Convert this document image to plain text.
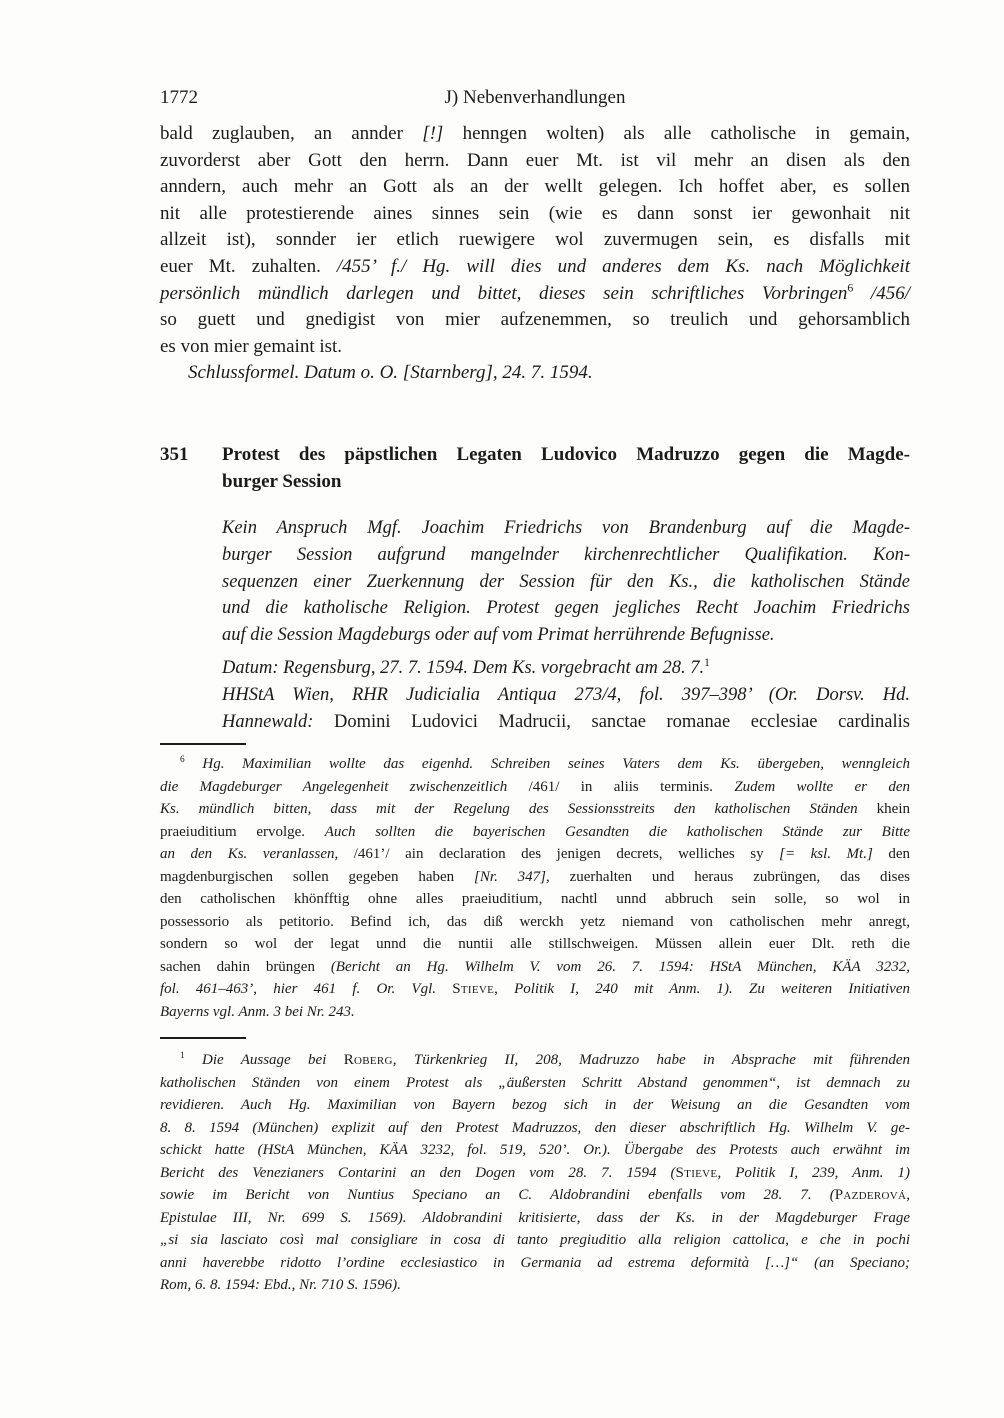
1772	J) Nebenverhandlungen
bald zuglauben, an annder [!] henngen wolten) als alle catholische in gemain,
zuvorderst aber Gott den herrn. Dann euer Mt. ist vil mehr an disen als den
anndern, auch mehr an Gott als an der wellt gelegen. Ich hoffet aber, es sollen
nit alle protestierende aines sinnes sein (wie es dann sonst ier gewonhait nit
allzeit ist), sonnder ier etlich ruewigere wol zuvermugen sein, es disfalls mit
euer Mt. zuhalten. /455’ f./ Hg. will dies und anderes dem Ks. nach Möglichkeit
persönlich mündlich darlegen und bittet, dieses sein schriftliches Vorbringen$^6$ /456/
so guett und gnedigist von mier aufzenemmen, so treulich und gehorsamblich
es von mier gemaint ist.
Schlussformel. Datum o. O. [Starnberg], 24. 7. 1594.
351	Protest des päpstlichen Legaten Ludovico Madruzzo gegen die Magde-
burger Session
Kein Anspruch Mgf. Joachim Friedrichs von Brandenburg auf die Magde-
burger Session aufgrund mangelnder kirchenrechtlicher Qualifikation. Kon-
sequenzen einer Zuerkennung der Session für den Ks., die katholischen Stände
und die katholische Religion. Protest gegen jegliches Recht Joachim Friedrichs
auf die Session Magdeburgs oder auf vom Primat herrührende Befugnisse.
Datum: Regensburg, 27. 7. 1594. Dem Ks. vorgebracht am 28. 7.$^1$
HHStA Wien, RHR Judicialia Antiqua 273/4, fol. 397–398’ (Or. Dorsv. Hd.
Hannewald: Domini Ludovici Madrucii, sanctae romanae ecclesiae cardinalis
$^6$ Hg. Maximilian wollte das eigenhd. Schreiben seines Vaters dem Ks. übergeben, wenngleich
die Magdeburger Angelegenheit zwischenzeitlich /461/ in aliis terminis. Zudem wollte er den
Ks. mündlich bitten, dass mit der Regelung des Sessionsstreits den katholischen Ständen khein
praeiuditium ervolge. Auch sollten die bayerischen Gesandten die katholischen Stände zur Bitte
an den Ks. veranlassen, /461’/ ain declaration des jenigen decrets, welliches sy [= ksl. Mt.] den
magdenburgischen sollen gegeben haben [Nr. 347], zuerhalten und heraus zubrüngen, das dises
den catholischen khönfftig ohne alles praeiuditium, nachtl unnd abbruch sein solle, so wol in
possessorio als petitorio. Befind ich, das diß werckh yetz niemand von catholischen mehr anregt,
sondern so wol der legat unnd die nuntii alle stillschweigen. Müssen allein euer Dlt. reth die
sachen dahin brüngen (Bericht an Hg. Wilhelm V. vom 26. 7. 1594: HStA München, KÄA 3232,
fol. 461–463’, hier 461 f. Or. Vgl. Stieve, Politik I, 240 mit Anm. 1). Zu weiteren Initiativen
Bayerns vgl. Anm. 3 bei Nr. 243.
$^1$ Die Aussage bei Roberg, Türkenkrieg II, 208, Madruzzo habe in Absprache mit führenden
katholischen Ständen von einem Protest als „äußersten Schritt Abstand genommen“, ist demnach zu
revidieren. Auch Hg. Maximilian von Bayern bezog sich in der Weisung an die Gesandten vom
8. 8. 1594 (München) explizit auf den Protest Madruzzos, den dieser abschriftlich Hg. Wilhelm V. ge-
schickt hatte (HStA München, KÄA 3232, fol. 519, 520’. Or.). Übergabe des Protests auch erwähnt im
Bericht des Venezianers Contarini an den Dogen vom 28. 7. 1594 (Stieve, Politik I, 239, Anm. 1)
sowie im Bericht von Nuntius Speciano an C. Aldobrandini ebenfalls vom 28. 7. (Pazderová,
Epistulae III, Nr. 699 S. 1569). Aldobrandini kritisierte, dass der Ks. in der Magdeburger Frage
„si sia lasciato così mal consigliare in cosa di tanto pregiuditio alla religion cattolica, e che in pochi
anni haverebbe ridotto l’ordine ecclesiastico in Germania ad estrema deformità […]“ (an Speciano;
Rom, 6. 8. 1594: Ebd., Nr. 710 S. 1596).
